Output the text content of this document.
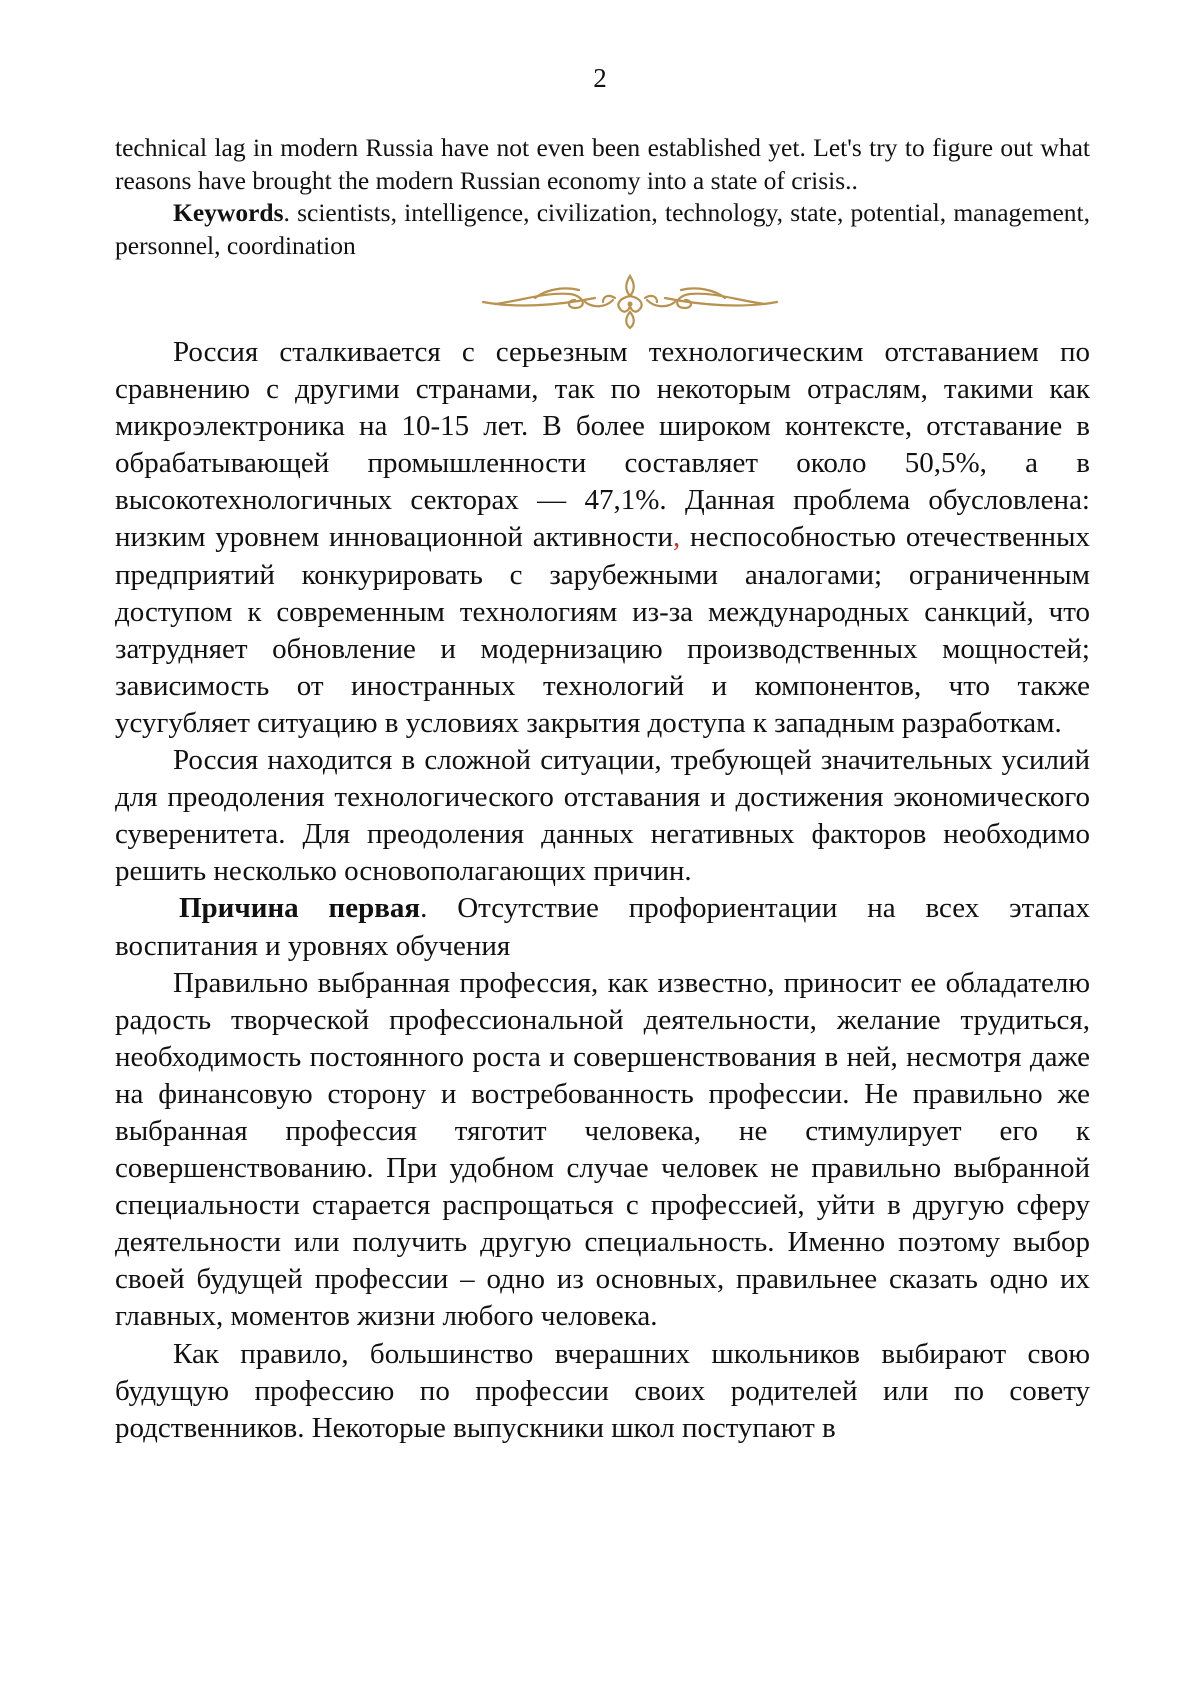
2

technical lag in modern Russia have not even been established yet. Let's try to figure out what reasons have brought the modern Russian economy into a state of crisis..

Keywords. scientists, intelligence, civilization, technology, state, potential, management, personnel, coordination

Россия сталкивается с серьезным технологическим отставанием по сравнению с другими странами, так по некоторым отраслям, такими как микроэлектроника на 10-15 лет. В более широком контексте, отставание в обрабатывающей промышленности составляет около 50,5%, а в высокотехнологичных секторах — 47,1%. Данная проблема обусловлена: низким уровнем инновационной активности, неспособностью отечественных предприятий конкурировать с зарубежными аналогами; ограниченным доступом к современным технологиям из-за международных санкций, что затрудняет обновление и модернизацию производственных мощностей; зависимость от иностранных технологий и компонентов, что также усугубляет ситуацию в условиях закрытия доступа к западным разработкам.

Россия находится в сложной ситуации, требующей значительных усилий для преодоления технологического отставания и достижения экономического суверенитета. Для преодоления данных негативных факторов необходимо решить несколько основополагающих причин.

Причина первая. Отсутствие профориентации на всех этапах воспитания и уровнях обучения

Правильно выбранная профессия, как известно, приносит ее обладателю радость творческой профессиональной деятельности, желание трудиться, необходимость постоянного роста и совершенствования в ней, несмотря даже на финансовую сторону и востребованность профессии. Не правильно же выбранная профессия тяготит человека, не стимулирует его к совершенствованию. При удобном случае человек не правильно выбранной специальности старается распрощаться с профессией, уйти в другую сферу деятельности или получить другую специальность. Именно поэтому выбор своей будущей профессии – одно из основных, правильнее сказать одно их главных, моментов жизни любого человека.

Как правило, большинство вчерашних школьников выбирают свою будущую профессию по профессии своих родителей или по совету родственников. Некоторые выпускники школ поступают в
